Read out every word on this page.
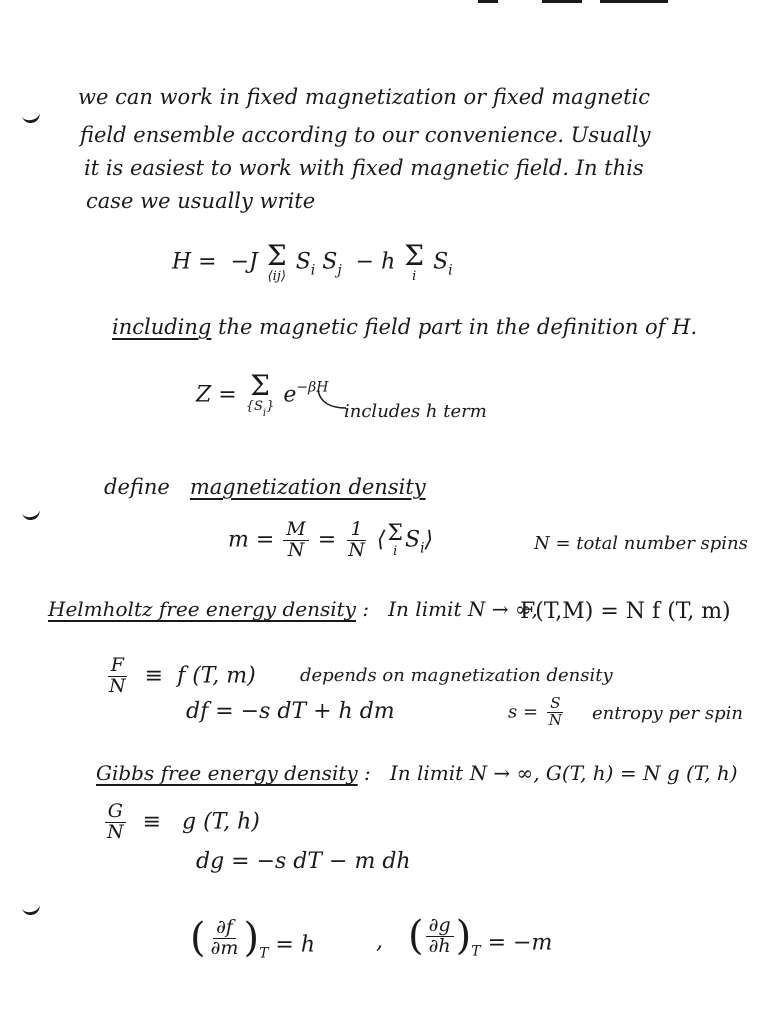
we can work in fixed magnetization or fixed magnetic
field ensemble according to our convenience. Usually
it is easiest to work with fixed magnetic field. In this
case we usually write
H = −J Σ
⟨ij⟩
$S_i$ $S_j - h$ Σ
i
$S_i$
including the magnetic field part in the definition of H.
Z = Σ
$\{S_i\}$ $e^{-\beta H}$
includes h term
define magnetization density
$m = \frac{M}{N} = \frac{1}{N}$ ⟨ Σ
i $S_i⟩$	N = total number spins
Helmholtz free energy density : In limit N → ∞,
F(T,M) = N f (T, m)
$\frac{F}{N} \equiv f$ (T, m) depends on magnetization density
df = −s dT + h dm	$s = \frac{S}{N}$ entropy per spin
Gibbs free energy density : In limit N → ∞, G(T, h) = N g (T, h)
$\frac{G}{N} \equiv g$ (T, h)
dg = −s dT − m dh
( $\frac{\partial f}{\partial m}$ ) $_T$ = h	, ( $\frac{\partial g}{\partial h}$ ) $_T$ = −m
